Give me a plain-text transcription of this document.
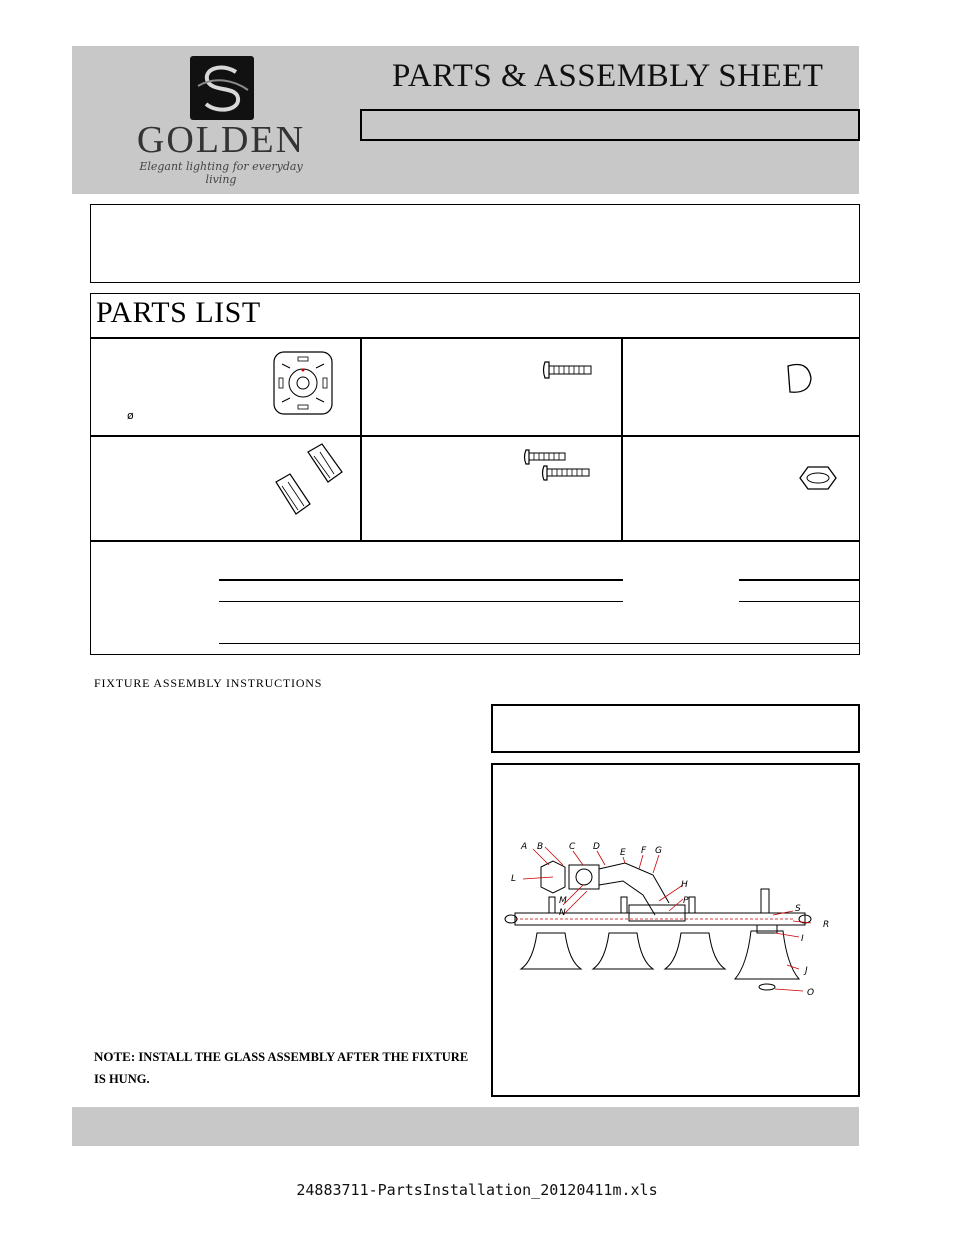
GOLDEN
Elegant lighting for everyday living
PARTS & ASSEMBLY SHEET
PARTS LIST
ø
FIXTURE ASSEMBLY INSTRUCTIONS
A B	C D
E F G
H
L
M
N
P
S
R
I
J
O
NOTE: INSTALL THE GLASS ASSEMBLY AFTER THE FIXTURE IS HUNG.
24883711-PartsInstallation_20120411m.xls
